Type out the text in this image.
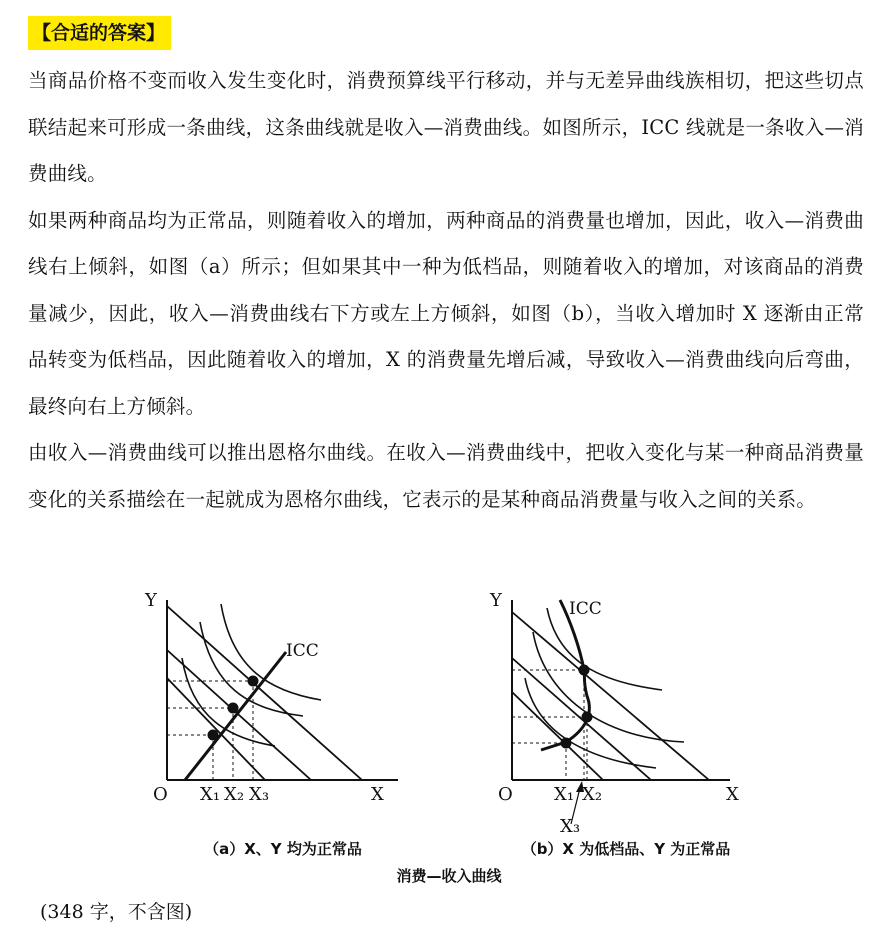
【合适的答案】

当商品价格不变而收入发生变化时，消费预算线平行移动，并与无差异曲线族相切，把这些切点联结起来可形成一条曲线，这条曲线就是收入—消费曲线。如图所示，ICC 线就是一条收入—消费曲线。

如果两种商品均为正常品，则随着收入的增加，两种商品的消费量也增加，因此，收入—消费曲线右上倾斜，如图（a）所示；但如果其中一种为低档品，则随着收入的增加，对该商品的消费量减少，因此，收入—消费曲线右下方或左上方倾斜，如图（b），当收入增加时 X 逐渐由正常品转变为低档品，因此随着收入的增加，X 的消费量先增后减，导致收入—消费曲线向后弯曲，最终向右上方倾斜。

由收入—消费曲线可以推出恩格尔曲线。在收入—消费曲线中，把收入变化与某一种商品消费量变化的关系描绘在一起就成为恩格尔曲线，它表示的是某种商品消费量与收入之间的关系。

Y
X
O
ICC
X₁ X₂ X₃
（a）X、Y 均为正常品
Y
X
O
ICC
X₁ X₂
X₃
（b）X 为低档品、Y 为正常品
消费—收入曲线
(348 字，不含图)
